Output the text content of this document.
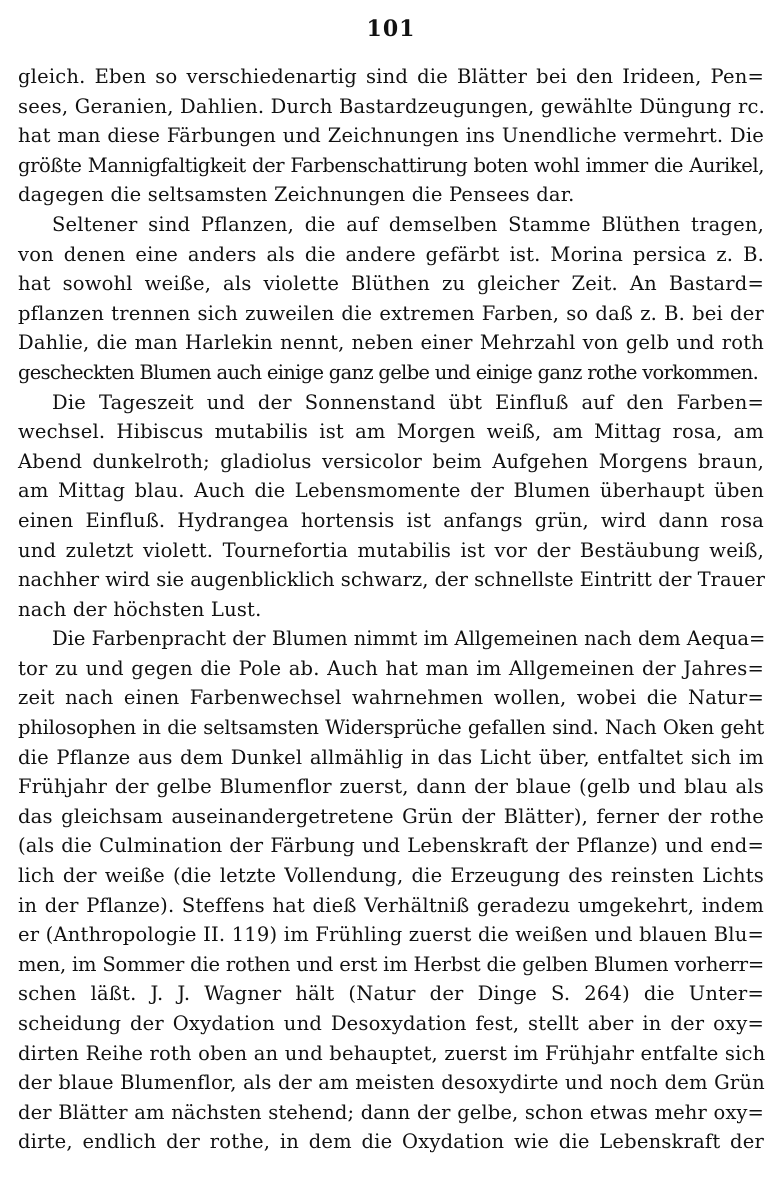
101
gleich. Eben so verschiedenartig sind die Blätter bei den Irideen, Pen=
sees, Geranien, Dahlien. Durch Bastardzeugungen, gewählte Düngung rc.
hat man diese Färbungen und Zeichnungen ins Unendliche vermehrt. Die
größte Mannigfaltigkeit der Farbenschattirung boten wohl immer die Aurikel,
dagegen die seltsamsten Zeichnungen die Pensees dar.
Seltener sind Pflanzen, die auf demselben Stamme Blüthen tragen,
von denen eine anders als die andere gefärbt ist. Morina persica z. B.
hat sowohl weiße, als violette Blüthen zu gleicher Zeit. An Bastard=
pflanzen trennen sich zuweilen die extremen Farben, so daß z. B. bei der
Dahlie, die man Harlekin nennt, neben einer Mehrzahl von gelb und roth
gescheckten Blumen auch einige ganz gelbe und einige ganz rothe vorkommen.
Die Tageszeit und der Sonnenstand übt Einfluß auf den Farben=
wechsel. Hibiscus mutabilis ist am Morgen weiß, am Mittag rosa, am
Abend dunkelroth; gladiolus versicolor beim Aufgehen Morgens braun,
am Mittag blau. Auch die Lebensmomente der Blumen überhaupt üben
einen Einfluß. Hydrangea hortensis ist anfangs grün, wird dann rosa
und zuletzt violett. Tournefortia mutabilis ist vor der Bestäubung weiß,
nachher wird sie augenblicklich schwarz, der schnellste Eintritt der Trauer
nach der höchsten Lust.
Die Farbenpracht der Blumen nimmt im Allgemeinen nach dem Aequa=
tor zu und gegen die Pole ab. Auch hat man im Allgemeinen der Jahres=
zeit nach einen Farbenwechsel wahrnehmen wollen, wobei die Natur=
philosophen in die seltsamsten Widersprüche gefallen sind. Nach Oken geht
die Pflanze aus dem Dunkel allmählig in das Licht über, entfaltet sich im
Frühjahr der gelbe Blumenflor zuerst, dann der blaue (gelb und blau als
das gleichsam auseinandergetretene Grün der Blätter), ferner der rothe
(als die Culmination der Färbung und Lebenskraft der Pflanze) und end=
lich der weiße (die letzte Vollendung, die Erzeugung des reinsten Lichts
in der Pflanze). Steffens hat dieß Verhältniß geradezu umgekehrt, indem
er (Anthropologie II. 119) im Frühling zuerst die weißen und blauen Blu=
men, im Sommer die rothen und erst im Herbst die gelben Blumen vorherr=
schen läßt. J. J. Wagner hält (Natur der Dinge S. 264) die Unter=
scheidung der Oxydation und Desoxydation fest, stellt aber in der oxy=
dirten Reihe roth oben an und behauptet, zuerst im Frühjahr entfalte sich
der blaue Blumenflor, als der am meisten desoxydirte und noch dem Grün
der Blätter am nächsten stehend; dann der gelbe, schon etwas mehr oxy=
dirte, endlich der rothe, in dem die Oxydation wie die Lebenskraft der
